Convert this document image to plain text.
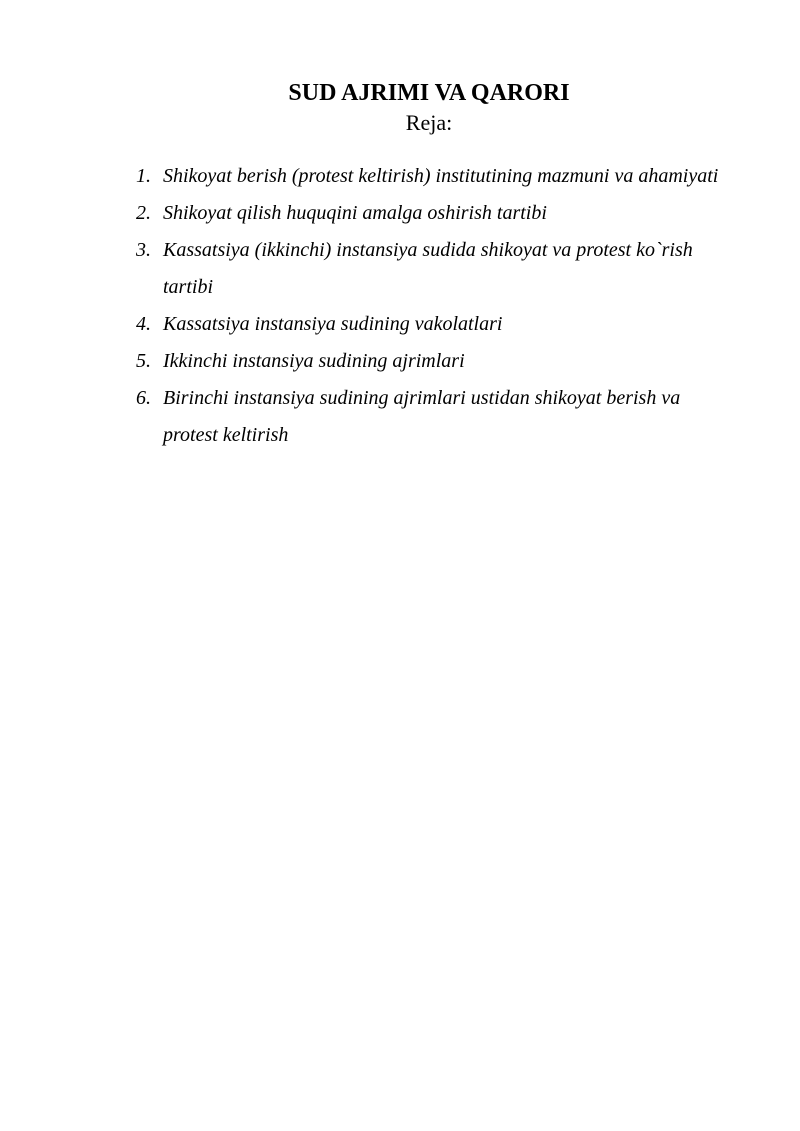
SUD AJRIMI VA QARORI
Reja:
1. Shikoyat berish (protest keltirish) institutining mazmuni va ahamiyati
2. Shikoyat qilish huquqini amalga oshirish tartibi
3. Kassatsiya (ikkinchi) instansiya sudida shikoyat va protest ko`rish tartibi
4. Kassatsiya instansiya sudining vakolatlari
5. Ikkinchi instansiya sudining ajrimlari
6. Birinchi instansiya sudining ajrimlari ustidan shikoyat berish va protest keltirish
